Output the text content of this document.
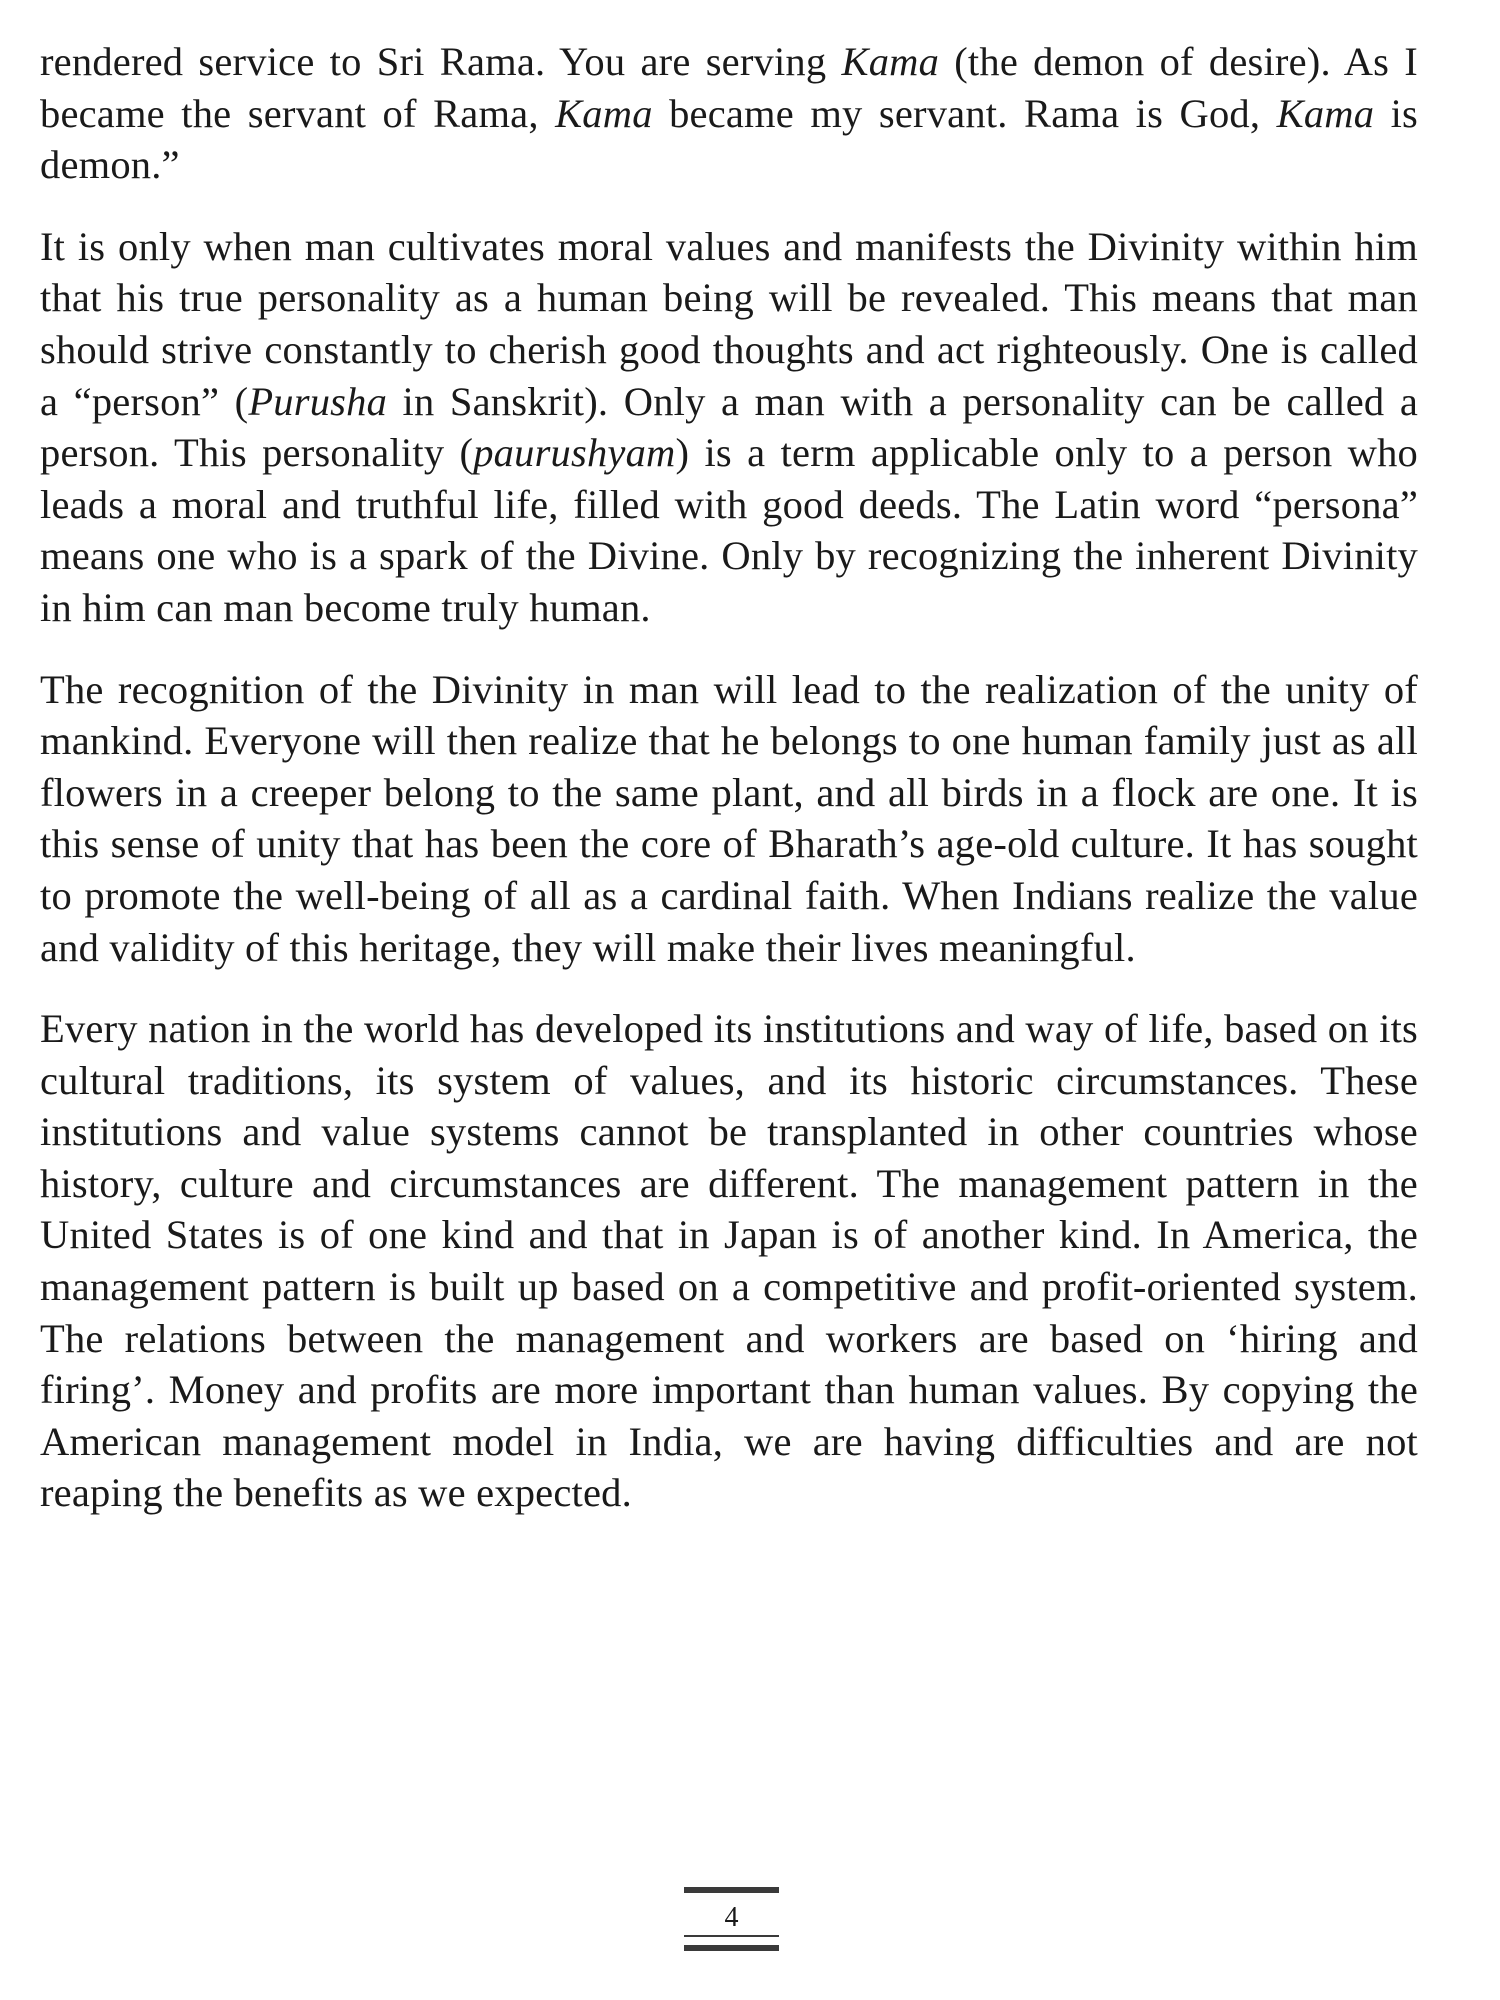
rendered service to Sri Rama. You are serving Kama (the demon of desire). As I became the servant of Rama, Kama became my servant. Rama is God, Kama is demon.”

It is only when man cultivates moral values and manifests the Divinity within him that his true personality as a human being will be revealed. This means that man should strive constantly to cherish good thoughts and act righteously. One is called a “person” (Purusha in Sanskrit). Only a man with a personality can be called a person. This personality (paurushyam) is a term applicable only to a person who leads a moral and truthful life, filled with good deeds. The Latin word “persona” means one who is a spark of the Divine. Only by recognizing the inherent Divinity in him can man become truly human.

The recognition of the Divinity in man will lead to the realization of the unity of mankind. Everyone will then realize that he belongs to one human family just as all flowers in a creeper belong to the same plant, and all birds in a flock are one. It is this sense of unity that has been the core of Bharath’s age-old culture. It has sought to promote the well-being of all as a cardinal faith. When Indians realize the value and validity of this heritage, they will make their lives meaningful.

Every nation in the world has developed its institutions and way of life, based on its cultural traditions, its system of values, and its historic circumstances. These institutions and value systems cannot be transplanted in other countries whose history, culture and circumstances are different. The management pattern in the United States is of one kind and that in Japan is of another kind. In America, the management pattern is built up based on a competitive and profit-oriented system. The relations between the management and workers are based on ‘hiring and firing’. Money and profits are more important than human values. By copying the American management model in India, we are having difficulties and are not reaping the benefits as we expected.

4
